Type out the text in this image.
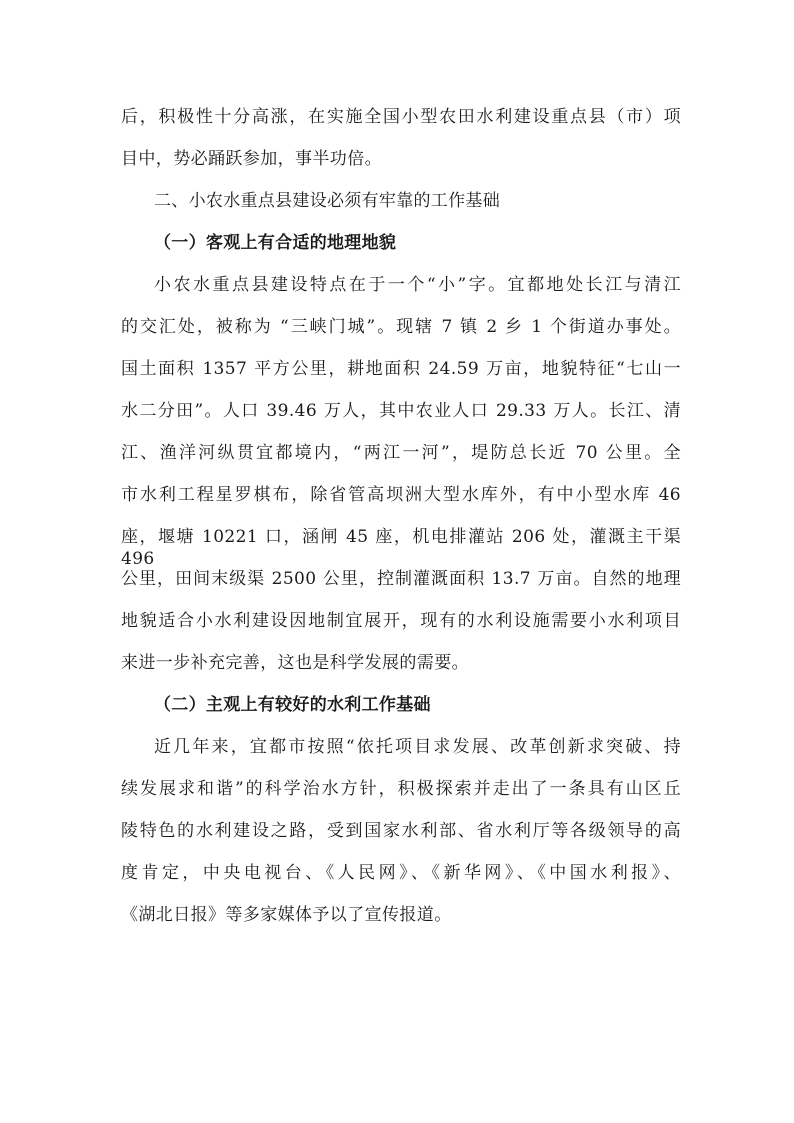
后，积极性十分高涨，在实施全国小型农田水利建设重点县（市）项
目中，势必踊跃参加，事半功倍。
二、小农水重点县建设必须有牢靠的工作基础
（一）客观上有合适的地理地貌
小农水重点县建设特点在于一个“小”字。宜都地处长江与清江
的交汇处，被称为 “三峡门城”。现辖 7 镇 2 乡 1 个街道办事处。
国土面积 1357 平方公里，耕地面积 24.59 万亩，地貌特征“七山一
水二分田”。人口 39.46 万人，其中农业人口 29.33 万人。长江、清
江、渔洋河纵贯宜都境内，“两江一河”，堤防总长近 70 公里。全
市水利工程星罗棋布，除省管高坝洲大型水库外，有中小型水库 46
座，堰塘 10221 口，涵闸 45 座，机电排灌站 206 处，灌溉主干渠 496
公里，田间末级渠 2500 公里，控制灌溉面积 13.7 万亩。自然的地理
地貌适合小水利建设因地制宜展开，现有的水利设施需要小水利项目
来进一步补充完善，这也是科学发展的需要。
（二）主观上有较好的水利工作基础
近几年来，宜都市按照“依托项目求发展、改革创新求突破、持
续发展求和谐”的科学治水方针，积极探索并走出了一条具有山区丘
陵特色的水利建设之路，受到国家水利部、省水利厅等各级领导的高
度肯定，中央电视台、《人民网》、《新华网》、《中国水利报》、
《湖北日报》等多家媒体予以了宣传报道。
